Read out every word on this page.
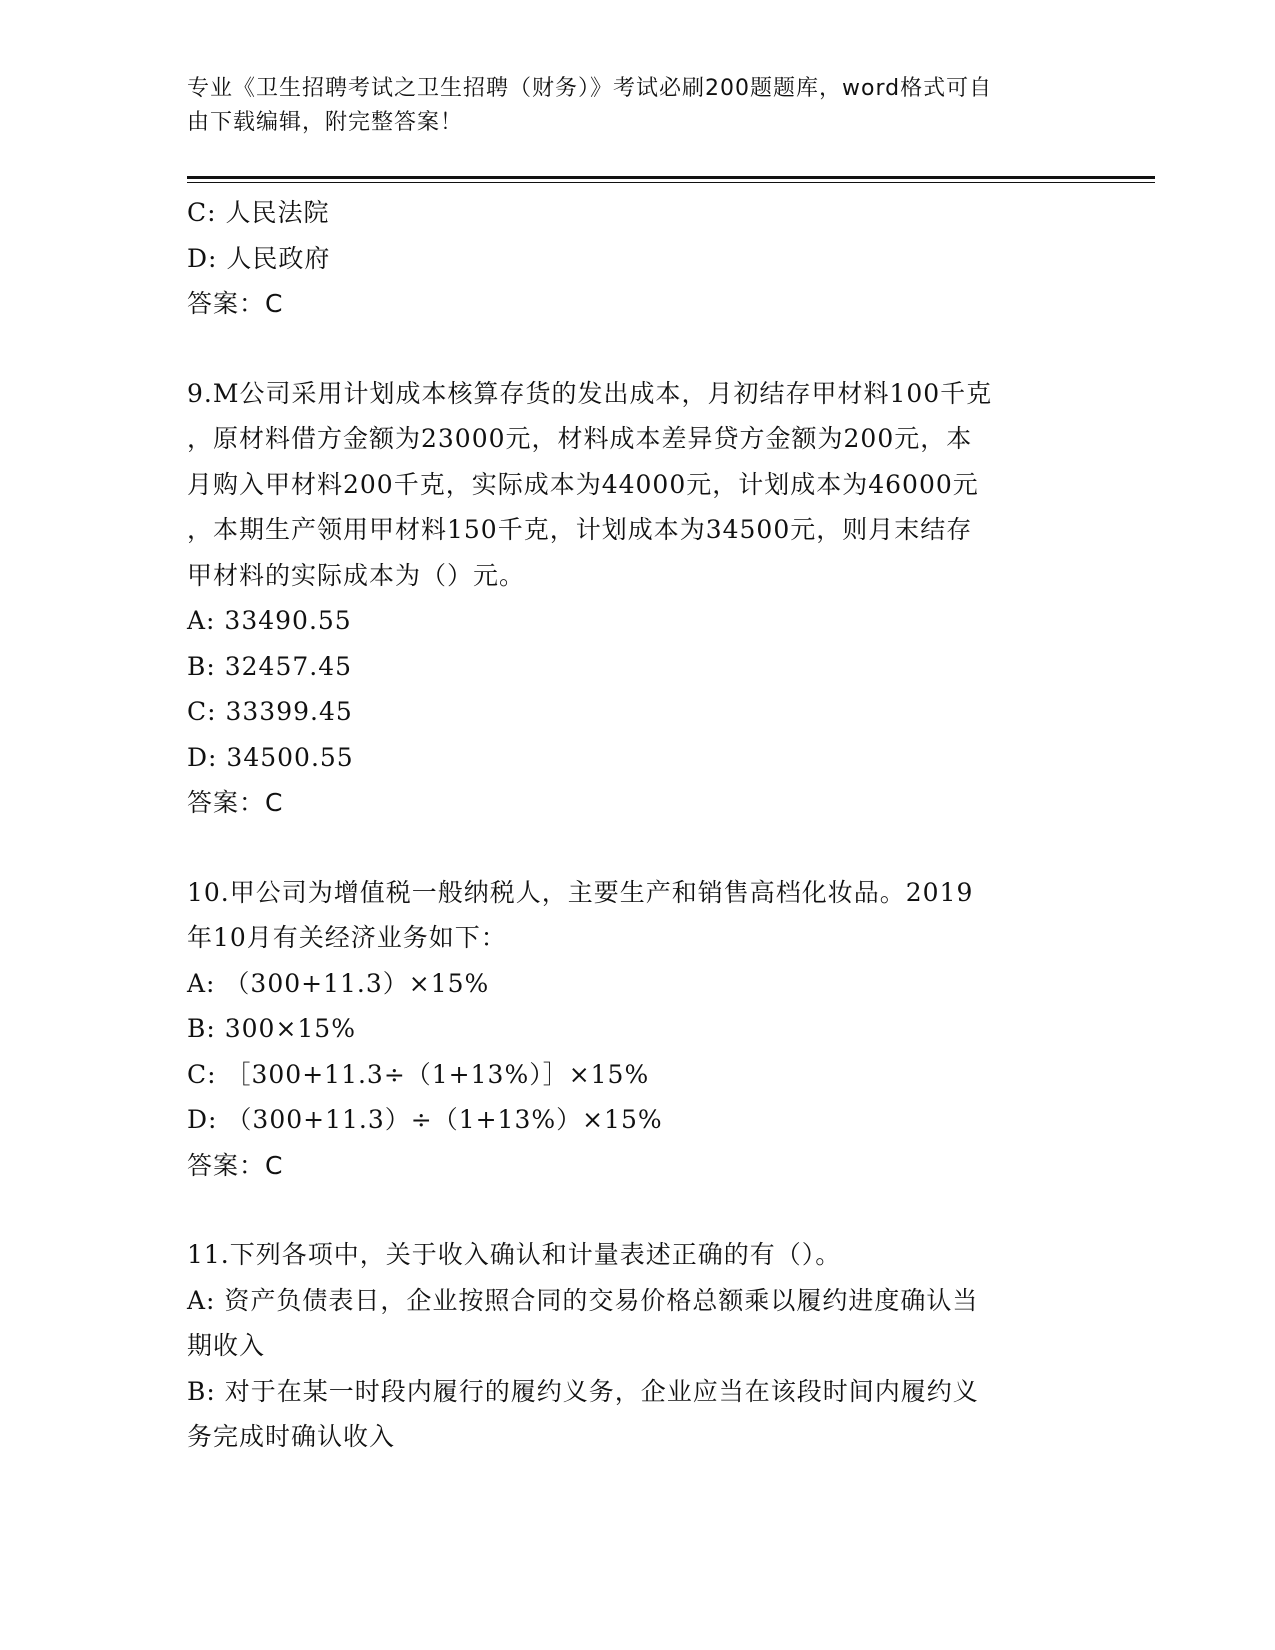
专业《卫生招聘考试之卫生招聘（财务）》考试必刷200题题库，word格式可自
由下载编辑，附完整答案！
C: 人民法院
D: 人民政府
答案：C
9.M公司采用计划成本核算存货的发出成本，月初结存甲材料100千克
，原材料借方金额为23000元，材料成本差异贷方金额为200元，本
月购入甲材料200千克，实际成本为44000元，计划成本为46000元
，本期生产领用甲材料150千克，计划成本为34500元，则月末结存
甲材料的实际成本为（）元。
A: 33490.55
B: 32457.45
C: 33399.45
D: 34500.55
答案：C
10.甲公司为增值税一般纳税人，主要生产和销售高档化妆品。2019
年10月有关经济业务如下：
A: （300+11.3）×15%
B: 300×15%
C: ［300+11.3÷（1+13%）］×15%
D: （300+11.3）÷（1+13%）×15%
答案：C
11.下列各项中，关于收入确认和计量表述正确的有（）。
A: 资产负债表日，企业按照合同的交易价格总额乘以履约进度确认当
期收入
B: 对于在某一时段内履行的履约义务，企业应当在该段时间内履约义
务完成时确认收入
